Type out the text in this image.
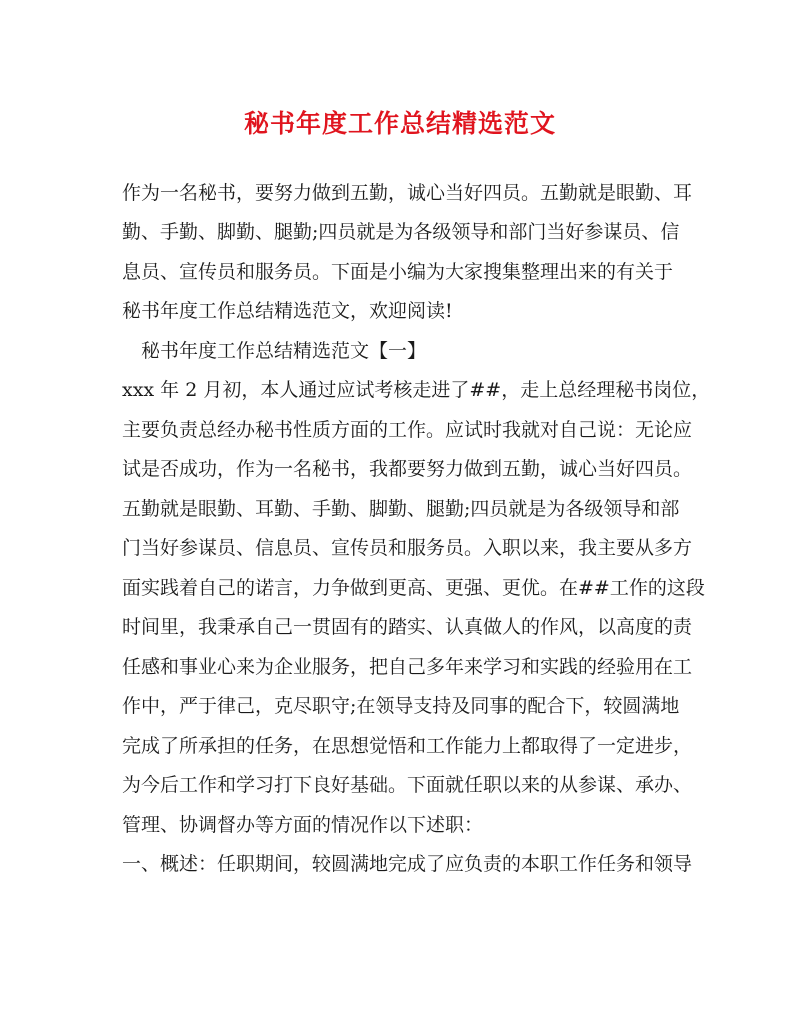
秘书年度工作总结精选范文
作为一名秘书，要努力做到五勤，诚心当好四员。五勤就是眼勤、耳
勤、手勤、脚勤、腿勤;四员就是为各级领导和部门当好参谋员、信
息员、宣传员和服务员。下面是小编为大家搜集整理出来的有关于
秘书年度工作总结精选范文，欢迎阅读!
秘书年度工作总结精选范文【一】
xxx 年 2 月初，本人通过应试考核走进了##，走上总经理秘书岗位，
主要负责总经办秘书性质方面的工作。应试时我就对自己说：无论应
试是否成功，作为一名秘书，我都要努力做到五勤，诚心当好四员。
五勤就是眼勤、耳勤、手勤、脚勤、腿勤;四员就是为各级领导和部
门当好参谋员、信息员、宣传员和服务员。入职以来，我主要从多方
面实践着自己的诺言，力争做到更高、更强、更优。在##工作的这段
时间里，我秉承自己一贯固有的踏实、认真做人的作风，以高度的责
任感和事业心来为企业服务，把自己多年来学习和实践的经验用在工
作中，严于律己，克尽职守;在领导支持及同事的配合下，较圆满地
完成了所承担的任务，在思想觉悟和工作能力上都取得了一定进步，
为今后工作和学习打下良好基础。下面就任职以来的从参谋、承办、
管理、协调督办等方面的情况作以下述职：
一、概述：任职期间，较圆满地完成了应负责的本职工作任务和领导
